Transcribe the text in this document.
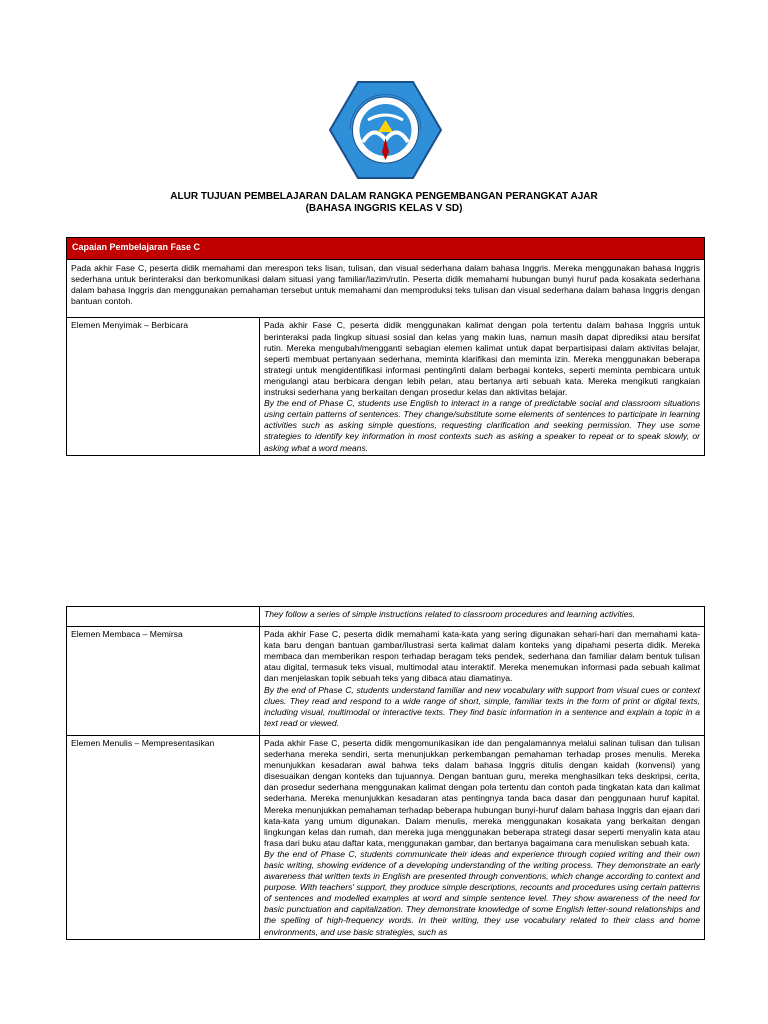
ALUR TUJUAN PEMBELAJARAN DALAM RANGKA PENGEMBANGAN PERANGKAT AJAR
(BAHASA INGGRIS KELAS V SD)
Capaian Pembelajaran Fase C
Pada akhir Fase C, peserta didik memahami dan merespon teks lisan, tulisan, dan visual sederhana dalam bahasa Inggris. Mereka menggunakan bahasa Inggris sederhana untuk berinteraksi dan berkomunikasi dalam situasi yang familiar/lazim/rutin. Peserta didik memahami hubungan bunyi huruf pada kosakata sederhana dalam bahasa Inggris dan menggunakan pemahaman tersebut untuk memahami dan memproduksi teks tulisan dan visual sederhana dalam bahasa Inggris dengan bantuan contoh.
Elemen Menyimak – Berbicara	Pada akhir Fase C, peserta didik menggunakan kalimat dengan pola tertentu dalam bahasa Inggris untuk berinteraksi pada lingkup situasi sosial dan kelas yang makin luas, namun masih dapat diprediksi atau bersifat rutin. Mereka mengubah/mengganti sebagian elemen kalimat untuk dapat berpartisipasi dalam aktivitas belajar, seperti membuat pertanyaan sederhana, meminta klarifikasi dan meminta izin. Mereka menggunakan beberapa strategi untuk mengidentifikasi informasi penting/inti dalam berbagai konteks, seperti meminta pembicara untuk mengulangi atau berbicara dengan lebih pelan, atau bertanya arti sebuah kata. Mereka mengikuti rangkaian instruksi sederhana yang berkaitan dengan prosedur kelas dan aktivitas belajar.
By the end of Phase C, students use English to interact in a range of predictable social and classroom situations using certain patterns of sentences. They change/substitute some elements of sentences to participate in learning activities such as asking simple questions, requesting clarification and seeking permission. They use some strategies to identify key information in most contexts such as asking a speaker to repeat or to speak slowly, or asking what a word means.

	They follow a series of simple instructions related to classroom procedures and learning activities.

Elemen Membaca – Memirsa	Pada akhir Fase C, peserta didik memahami kata-kata yang sering digunakan sehari-hari dan memahami kata-kata baru dengan bantuan gambar/ilustrasi serta kalimat dalam konteks yang dipahami peserta didik. Mereka membaca dan memberikan respon terhadap beragam teks pendek, sederhana dan familiar dalam bentuk tulisan atau digital, termasuk teks visual, multimodal atau interaktif. Mereka menemukan informasi pada sebuah kalimat dan menjelaskan topik sebuah teks yang dibaca atau diamatinya.
By the end of Phase C, students understand familiar and new vocabulary with support from visual cues or context clues. They read and respond to a wide range of short, simple, familiar texts in the form of print or digital texts, including visual, multimodal or interactive texts. They find basic information in a sentence and explain a topic in a text read or viewed.

Elemen Menulis – Mempresentasikan	Pada akhir Fase C, peserta didik mengomunikasikan ide dan pengalamannya melalui salinan tulisan dan tulisan sederhana mereka sendiri, serta menunjukkan perkembangan pemahaman terhadap proses menulis. Mereka menunjukkan kesadaran awal bahwa teks dalam bahasa Inggris ditulis dengan kaidah (konvensi) yang disesuaikan dengan konteks dan tujuannya. Dengan bantuan guru, mereka menghasilkan teks deskripsi, cerita, dan prosedur sederhana menggunakan kalimat dengan pola tertentu dan contoh pada tingkatan kata dan kalimat sederhana. Mereka menunjukkan kesadaran atas pentingnya tanda baca dasar dan penggunaan huruf kapital. Mereka menunjukkan pemahaman terhadap beberapa hubungan bunyi-huruf dalam bahasa Inggris dan ejaan dari kata-kata yang umum digunakan. Dalam menulis, mereka menggunakan kosakata yang berkaitan dengan lingkungan kelas dan rumah, dan mereka juga menggunakan beberapa strategi dasar seperti menyalin kata atau frasa dari buku atau daftar kata, menggunakan gambar, dan bertanya bagaimana cara menuliskan sebuah kata.
By the end of Phase C, students communicate their ideas and experience through copied writing and their own basic writing, showing evidence of a developing understanding of the writing process. They demonstrate an early awareness that written texts in English are presented through conventions, which change according to context and purpose. With teachers' support, they produce simple descriptions, recounts and procedures using certain patterns of sentences and modelled examples at word and simple sentence level. They show awareness of the need for basic punctuation and capitalization. They demonstrate knowledge of some English letter-sound relationships and the spelling of high-frequency words. In their writing, they use vocabulary related to their class and home environments, and use basic strategies, such as
